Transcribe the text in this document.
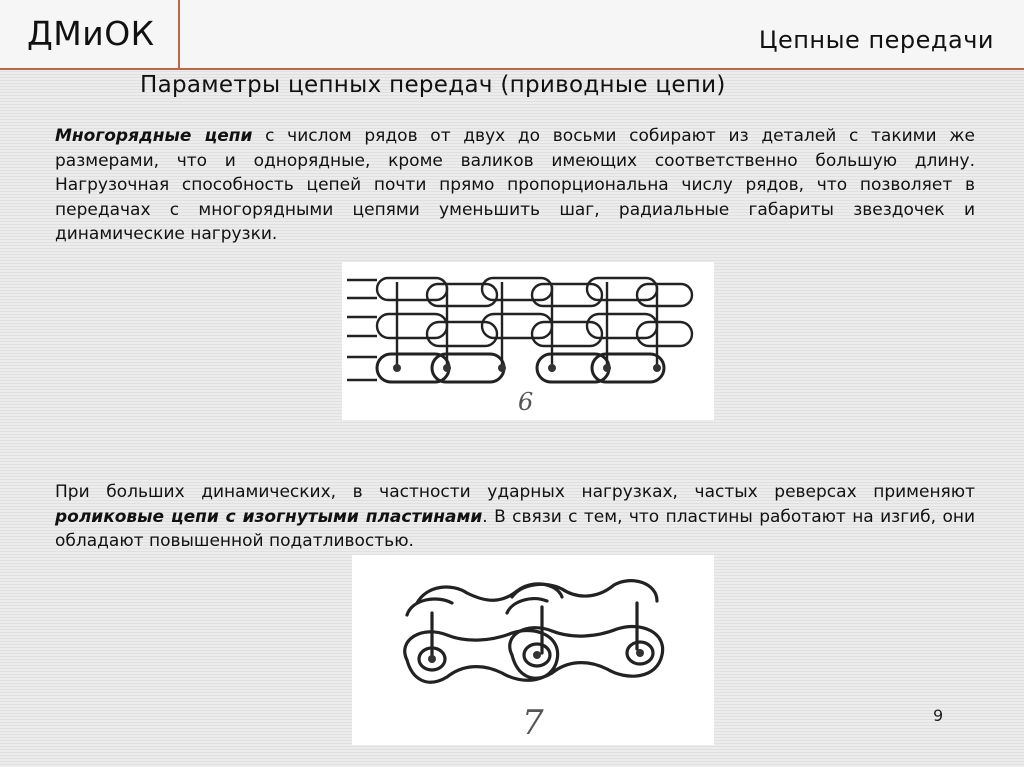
ДМиОК	Цепные передачи
Параметры цепных передач (приводные цепи)

Многорядные цепи с числом рядов от двух до восьми собирают из деталей с такими же размерами, что и однорядные, кроме валиков имеющих соответственно большую длину. Нагрузочная способность цепей почти прямо пропорциональна числу рядов, что позволяет в передачах с многорядными цепями уменьшить шаг, радиальные габариты звездочек и динамические нагрузки.

6

При больших динамических, в частности ударных нагрузках, частых реверсах применяют роликовые цепи с изогнутыми пластинами. В связи с тем, что пластины работают на изгиб, они обладают повышенной податливостью.

7	9
